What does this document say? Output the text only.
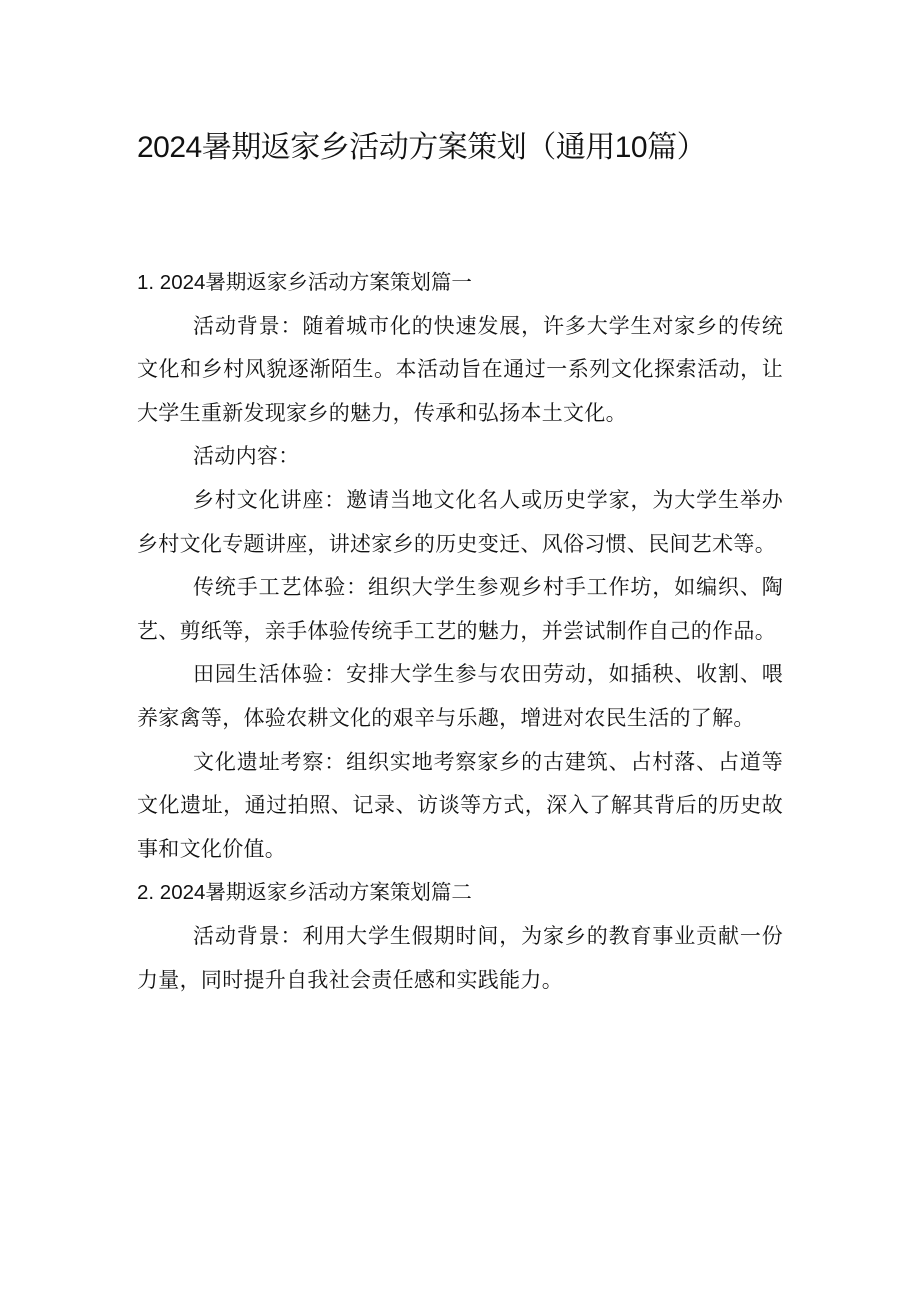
2024暑期返家乡活动方案策划（通用10篇）
1. 2024暑期返家乡活动方案策划篇一

活动背景：随着城市化的快速发展，许多大学生对家乡的传统文化和乡村风貌逐渐陌生。本活动旨在通过一系列文化探索活动，让大学生重新发现家乡的魅力，传承和弘扬本土文化。

活动内容：

乡村文化讲座：邀请当地文化名人或历史学家，为大学生举办乡村文化专题讲座，讲述家乡的历史变迁、风俗习惯、民间艺术等。

传统手工艺体验：组织大学生参观乡村手工作坊，如编织、陶艺、剪纸等，亲手体验传统手工艺的魅力，并尝试制作自己的作品。

田园生活体验：安排大学生参与农田劳动，如插秧、收割、喂养家禽等，体验农耕文化的艰辛与乐趣，增进对农民生活的了解。

文化遗址考察：组织实地考察家乡的古建筑、占村落、占道等文化遗址，通过拍照、记录、访谈等方式，深入了解其背后的历史故事和文化价值。

2. 2024暑期返家乡活动方案策划篇二

活动背景：利用大学生假期时间，为家乡的教育事业贡献一份力量，同时提升自我社会责任感和实践能力。
